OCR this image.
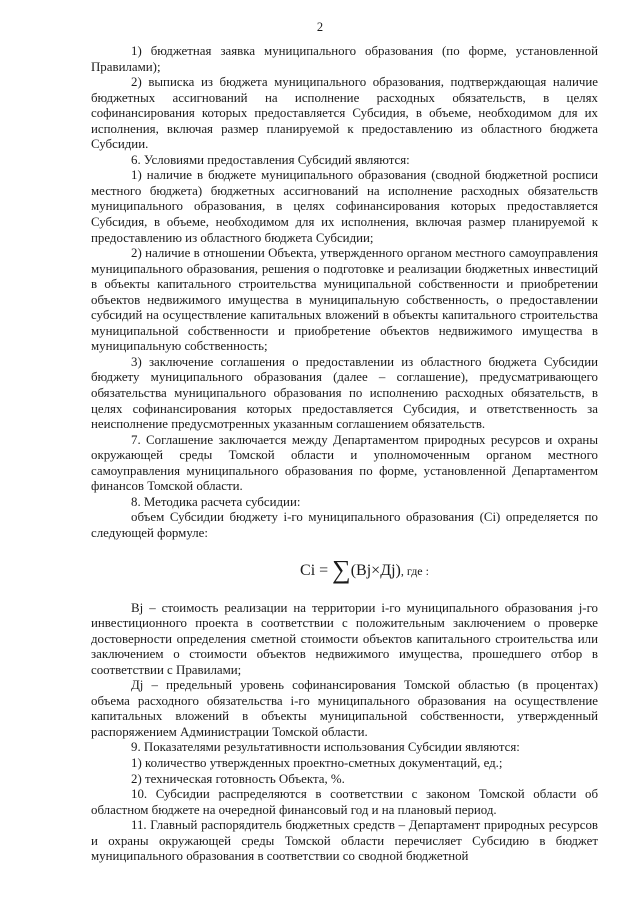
2

1) бюджетная заявка муниципального образования (по форме, установленной Правилами);

2) выписка из бюджета муниципального образования, подтверждающая наличие бюджетных ассигнований на исполнение расходных обязательств, в целях софинансирования которых предоставляется Субсидия, в объеме, необходимом для их исполнения, включая размер планируемой к предоставлению из областного бюджета Субсидии.

6. Условиями предоставления Субсидий являются:

1) наличие в бюджете муниципального образования (сводной бюджетной росписи местного бюджета) бюджетных ассигнований на исполнение расходных обязательств муниципального образования, в целях софинансирования которых предоставляется Субсидия, в объеме, необходимом для их исполнения, включая размер планируемой к предоставлению из областного бюджета Субсидии;

2) наличие в отношении Объекта, утвержденного органом местного самоуправления муниципального образования, решения о подготовке и реализации бюджетных инвестиций в объекты капитального строительства муниципальной собственности и приобретении объектов недвижимого имущества в муниципальную собственность, о предоставлении субсидий на осуществление капитальных вложений в объекты капитального строительства муниципальной собственности и приобретение объектов недвижимого имущества в муниципальную собственность;

3) заключение соглашения о предоставлении из областного бюджета Субсидии бюджету муниципального образования (далее – соглашение), предусматривающего обязательства муниципального образования по исполнению расходных обязательств, в целях софинансирования которых предоставляется Субсидия, и ответственность за неисполнение предусмотренных указанным соглашением обязательств.

7. Соглашение заключается между Департаментом природных ресурсов и охраны окружающей среды Томской области и уполномоченным органом местного самоуправления муниципального образования по форме, установленной Департаментом финансов Томской области.

8. Методика расчета субсидии:

объем Субсидии бюджету i-го муниципального образования (Ci) определяется по следующей формуле:

Ci = ∑(Bj×Дj), где :

Bj – стоимость реализации на территории i-го муниципального образования j-го инвестиционного проекта в соответствии с положительным заключением о проверке достоверности определения сметной стоимости объектов капитального строительства или заключением о стоимости объектов недвижимого имущества, прошедшего отбор в соответствии с Правилами;

Дj – предельный уровень софинансирования Томской областью (в процентах) объема расходного обязательства i-го муниципального образования на осуществление капитальных вложений в объекты муниципальной собственности, утвержденный распоряжением Администрации Томской области.

9. Показателями результативности использования Субсидии являются:

1) количество утвержденных проектно-сметных документаций, ед.;

2) техническая готовность Объекта, %.

10. Субсидии распределяются в соответствии с законом Томской области об областном бюджете на очередной финансовый год и на плановый период.

11. Главный распорядитель бюджетных средств – Департамент природных ресурсов и охраны окружающей среды Томской области перечисляет Субсидию в бюджет муниципального образования в соответствии со сводной бюджетной
